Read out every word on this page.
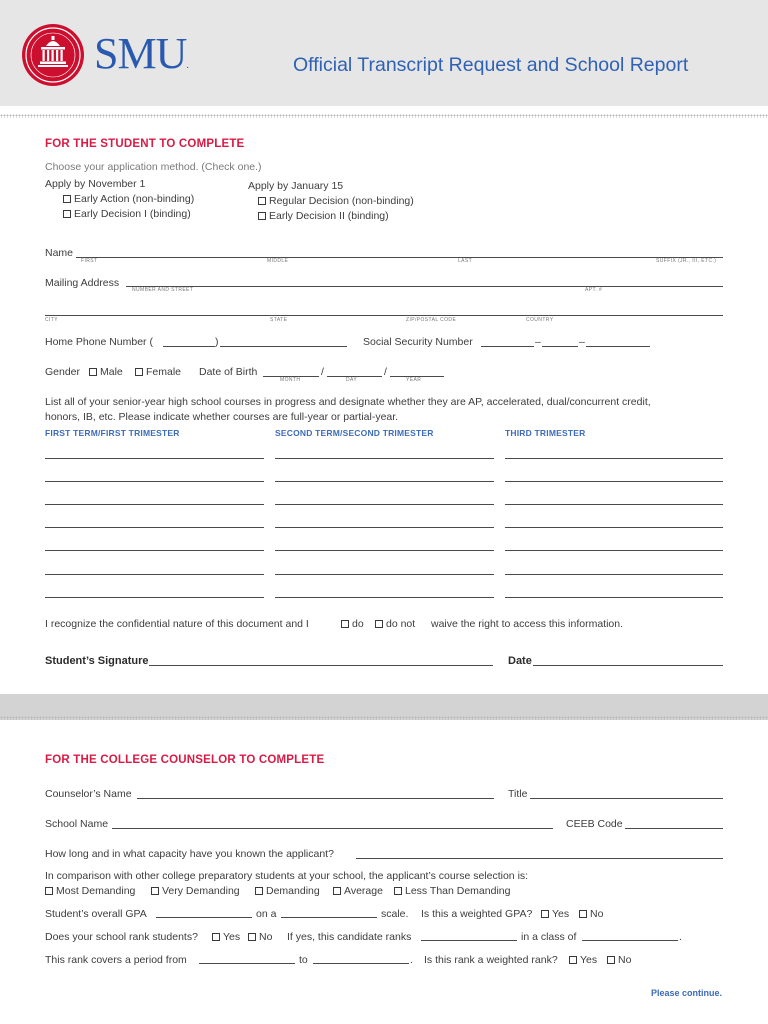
SMU.	Official Transcript Request and School Report
FOR THE STUDENT TO COMPLETE
Choose your application method. (Check one.)
Apply by November 1
Early Action (non-binding)
Early Decision I (binding)
Apply by January 15
Regular Decision (non-binding)
Early Decision II (binding)
Name
FIRST	MIDDLE	LAST	SUFFIX (JR., III, ETC.)
Mailing Address
NUMBER AND STREET	APT. #
CITY	STATE	ZIP/POSTAL CODE	COUNTRY
Home Phone Number (	)	Social Security Number	–	–
Gender	Male	Female Date of Birth	/	/
MONTH	DAY	YEAR
List all of your senior-year high school courses in progress and designate whether they are AP, accelerated, dual/concurrent credit,
honors, IB, etc. Please indicate whether courses are full-year or partial-year.
FIRST TERM/FIRST TRIMESTER	SECOND TERM/SECOND TRIMESTER	THIRD TRIMESTER
I recognize the confidential nature of this document and I	do	do not waive the right to access this information.
Student’s Signature	Date
FOR THE COLLEGE COUNSELOR TO COMPLETE
Counselor’s Name	Title
School Name	CEEB Code
How long and in what capacity have you known the applicant?
In comparison with other college preparatory students at your school, the applicant’s course selection is:
Most Demanding	Very Demanding	Demanding	Average	Less Than Demanding
Student’s overall GPA	on a	scale. Is this a weighted GPA?	Yes	No
Does your school rank students?	Yes	No If yes, this candidate ranks	in a class of	.
This rank covers a period from	to	. Is this rank a weighted rank?	Yes	No
Please continue.
